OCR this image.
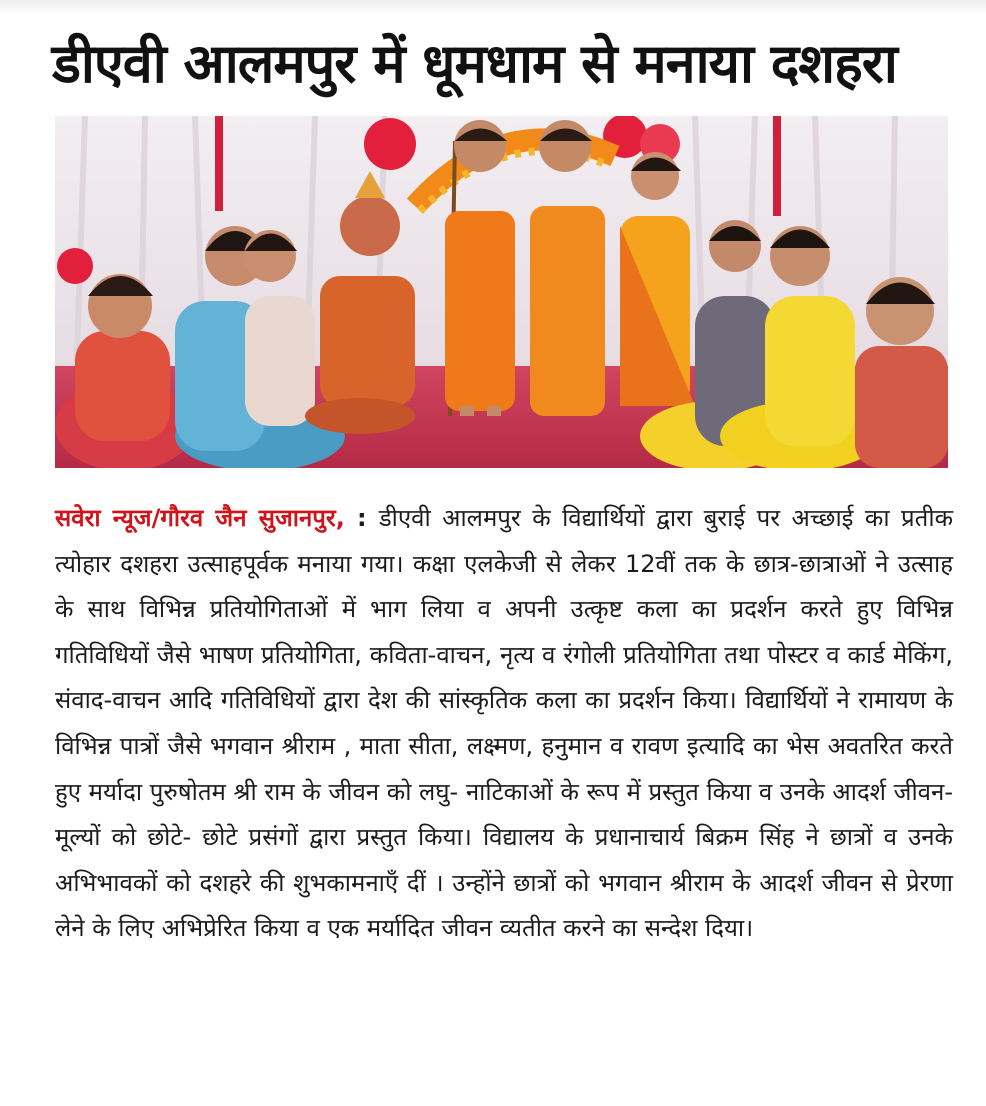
डीएवी आलमपुर में धूमधाम से मनाया दशहरा

सवेरा न्यूज/गौरव जैन सुजानपुर, : डीएवी आलमपुर के विद्यार्थियों द्वारा बुराई पर अच्छाई का प्रतीक त्योहार दशहरा उत्साहपूर्वक मनाया गया। कक्षा एलकेजी से लेकर 12वीं तक के छात्र-छात्राओं ने उत्साह के साथ विभिन्न प्रतियोगिताओं में भाग लिया व अपनी उत्कृष्ट कला का प्रदर्शन करते हुए विभिन्न गतिविधियों जैसे भाषण प्रतियोगिता, कविता-वाचन, नृत्य व रंगोली प्रतियोगिता तथा पोस्टर व कार्ड मेकिंग, संवाद-वाचन आदि गतिविधियों द्वारा देश की सांस्कृतिक कला का प्रदर्शन किया। विद्यार्थियों ने रामायण के विभिन्न पात्रों जैसे भगवान श्रीराम , माता सीता, लक्ष्मण, हनुमान व रावण इत्यादि का भेस अवतरित करते हुए मर्यादा पुरुषोतम श्री राम के जीवन को लघु- नाटिकाओं के रूप में प्रस्तुत किया व उनके आदर्श जीवन- मूल्यों को छोटे- छोटे प्रसंगों द्वारा प्रस्तुत किया। विद्यालय के प्रधानाचार्य बिक्रम सिंह ने छात्रों व उनके अभिभावकों को दशहरे की शुभकामनाएँ दीं । उन्होंने छात्रों को भगवान श्रीराम के आदर्श जीवन से प्रेरणा लेने के लिए अभिप्रेरित किया व एक मर्यादित जीवन व्यतीत करने का सन्देश दिया।
